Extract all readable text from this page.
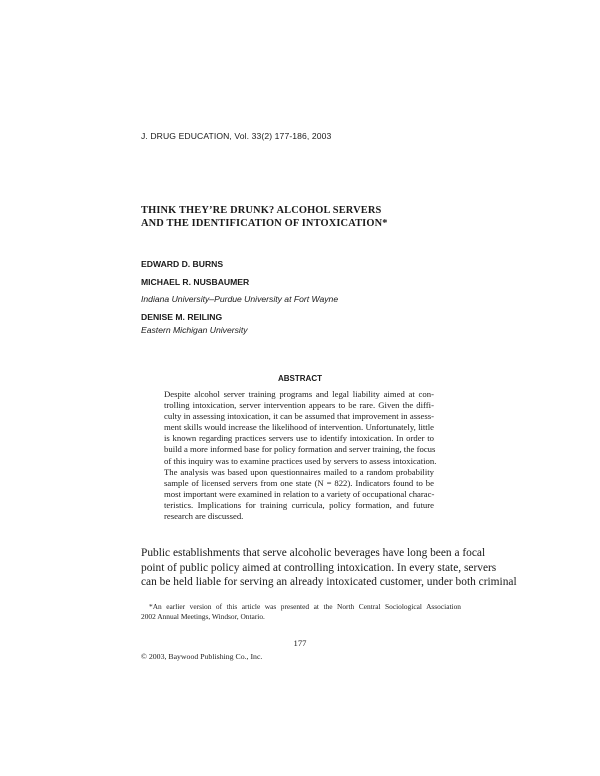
J. DRUG EDUCATION, Vol. 33(2) 177-186, 2003
THINK THEY’RE DRUNK? ALCOHOL SERVERS
AND THE IDENTIFICATION OF INTOXICATION*
EDWARD D. BURNS
MICHAEL R. NUSBAUMER
Indiana University–Purdue University at Fort Wayne
DENISE M. REILING
Eastern Michigan University
ABSTRACT
Despite alcohol server training programs and legal liability aimed at con-
trolling intoxication, server intervention appears to be rare. Given the diffi-
culty in assessing intoxication, it can be assumed that improvement in assess-
ment skills would increase the likelihood of intervention. Unfortunately, little
is known regarding practices servers use to identify intoxication. In order to
build a more informed base for policy formation and server training, the focus
of this inquiry was to examine practices used by servers to assess intoxication.
The analysis was based upon questionnaires mailed to a random probability
sample of licensed servers from one state (N = 822). Indicators found to be
most important were examined in relation to a variety of occupational charac-
teristics. Implications for training curricula, policy formation, and future
research are discussed.
Public establishments that serve alcoholic beverages have long been a focal
point of public policy aimed at controlling intoxication. In every state, servers
can be held liable for serving an already intoxicated customer, under both criminal
*An earlier version of this article was presented at the North Central Sociological Association
2002 Annual Meetings, Windsor, Ontario.
177
© 2003, Baywood Publishing Co., Inc.
